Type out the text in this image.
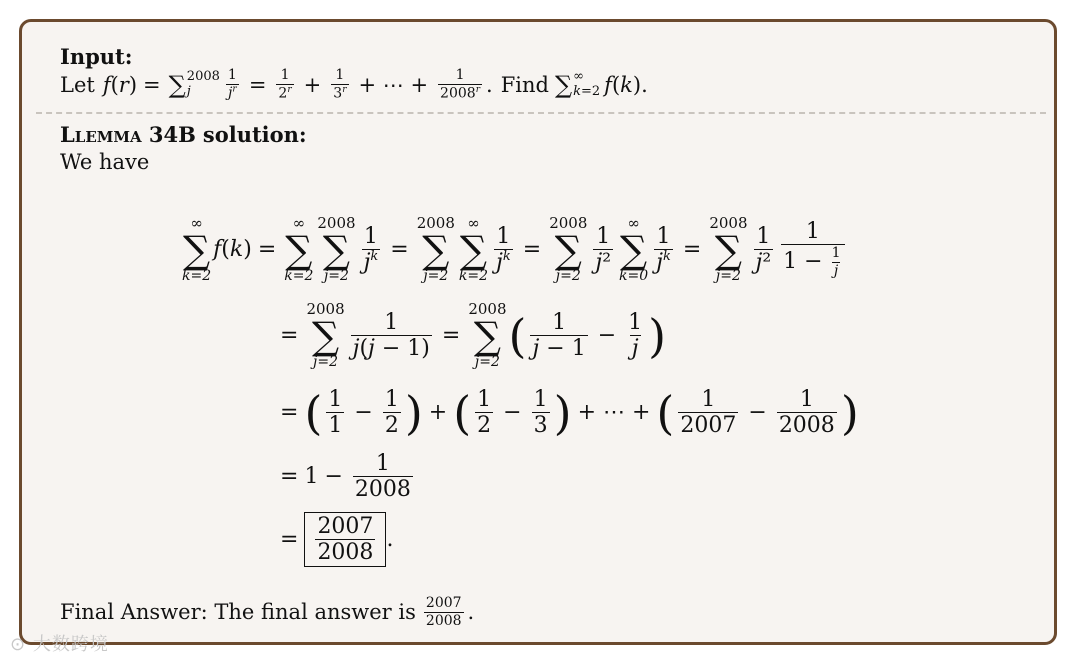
Input:
Let f ( r ) = ∑ 2008
j	$\frac{1}{j^r} = \frac{1}{2^r} + \frac{1}{3^r}$ + ⋯ + $\frac{1}{2008^r}$ . Find ∑ ∞
k=2 f ( k ).
Llemma 34B solution:
We have
∞
∑
k=2
f ( k ) =
∞
∑
k=2
2008
∑
j=2
$\frac{1}{j^k}$ =
2008
∑
j=2
∞
∑
k=2
$\frac{1}{j^k}$ =
2008
∑
j=2
$\frac{1}{\text{j²}}$
∞
∑
k=0
$\frac{1}{j^k}$ =
2008
∑
j=2
$\frac{1}{\text{j²}} \frac{1}{1 - \frac{1}{j}}$
=
2008
∑
j=2
$\frac{1}{j(j - 1)}$ =
2008
∑
j=2 ( $\frac{1}{j - 1} - \frac{1}{j}$ )
= ( $\frac{1}{1} - \frac{1}{2}$ ) + ( $\frac{1}{2} - \frac{1}{3}$ ) + ⋯ + ( $\frac{1}{2007} - \frac{1}{2008}$ )
= $1 - \frac{1}{2008}$
= $\frac{2007}{2008}$ .
Final Answer: The final answer is $\frac{2007}{2008}$ .
⊙ 大数跨境
